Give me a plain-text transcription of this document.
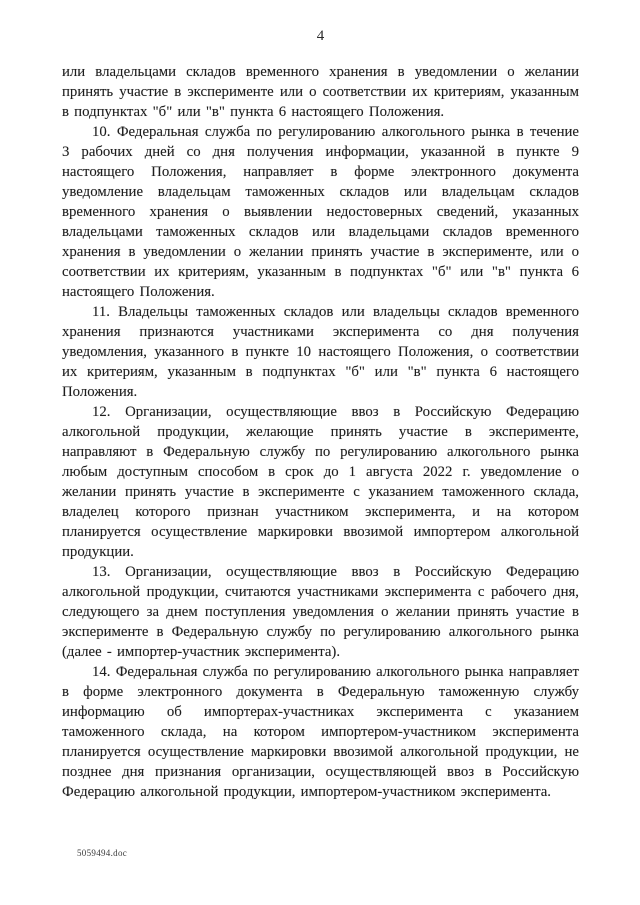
4

или владельцами складов временного хранения в уведомлении о желании принять участие в эксперименте или о соответствии их критериям, указанным в подпунктах "б" или "в" пункта 6 настоящего Положения.

10. Федеральная служба по регулированию алкогольного рынка в течение 3 рабочих дней со дня получения информации, указанной в пункте 9 настоящего Положения, направляет в форме электронного документа уведомление владельцам таможенных складов или владельцам складов временного хранения о выявлении недостоверных сведений, указанных владельцами таможенных складов или владельцами складов временного хранения в уведомлении о желании принять участие в эксперименте, или о соответствии их критериям, указанным в подпунктах "б" или "в" пункта 6 настоящего Положения.

11. Владельцы таможенных складов или владельцы складов временного хранения признаются участниками эксперимента со дня получения уведомления, указанного в пункте 10 настоящего Положения, о соответствии их критериям, указанным в подпунктах "б" или "в" пункта 6 настоящего Положения.

12. Организации, осуществляющие ввоз в Российскую Федерацию алкогольной продукции, желающие принять участие в эксперименте, направляют в Федеральную службу по регулированию алкогольного рынка любым доступным способом в срок до 1 августа 2022 г. уведомление о желании принять участие в эксперименте с указанием таможенного склада, владелец которого признан участником эксперимента, и на котором планируется осуществление маркировки ввозимой импортером алкогольной продукции.

13. Организации, осуществляющие ввоз в Российскую Федерацию алкогольной продукции, считаются участниками эксперимента с рабочего дня, следующего за днем поступления уведомления о желании принять участие в эксперименте в Федеральную службу по регулированию алкогольного рынка (далее - импортер-участник эксперимента).

14. Федеральная служба по регулированию алкогольного рынка направляет в форме электронного документа в Федеральную таможенную службу информацию об импортерах-участниках эксперимента с указанием таможенного склада, на котором импортером-участником эксперимента планируется осуществление маркировки ввозимой алкогольной продукции, не позднее дня признания организации, осуществляющей ввоз в Российскую Федерацию алкогольной продукции, импортером-участником эксперимента.

5059494.doc
